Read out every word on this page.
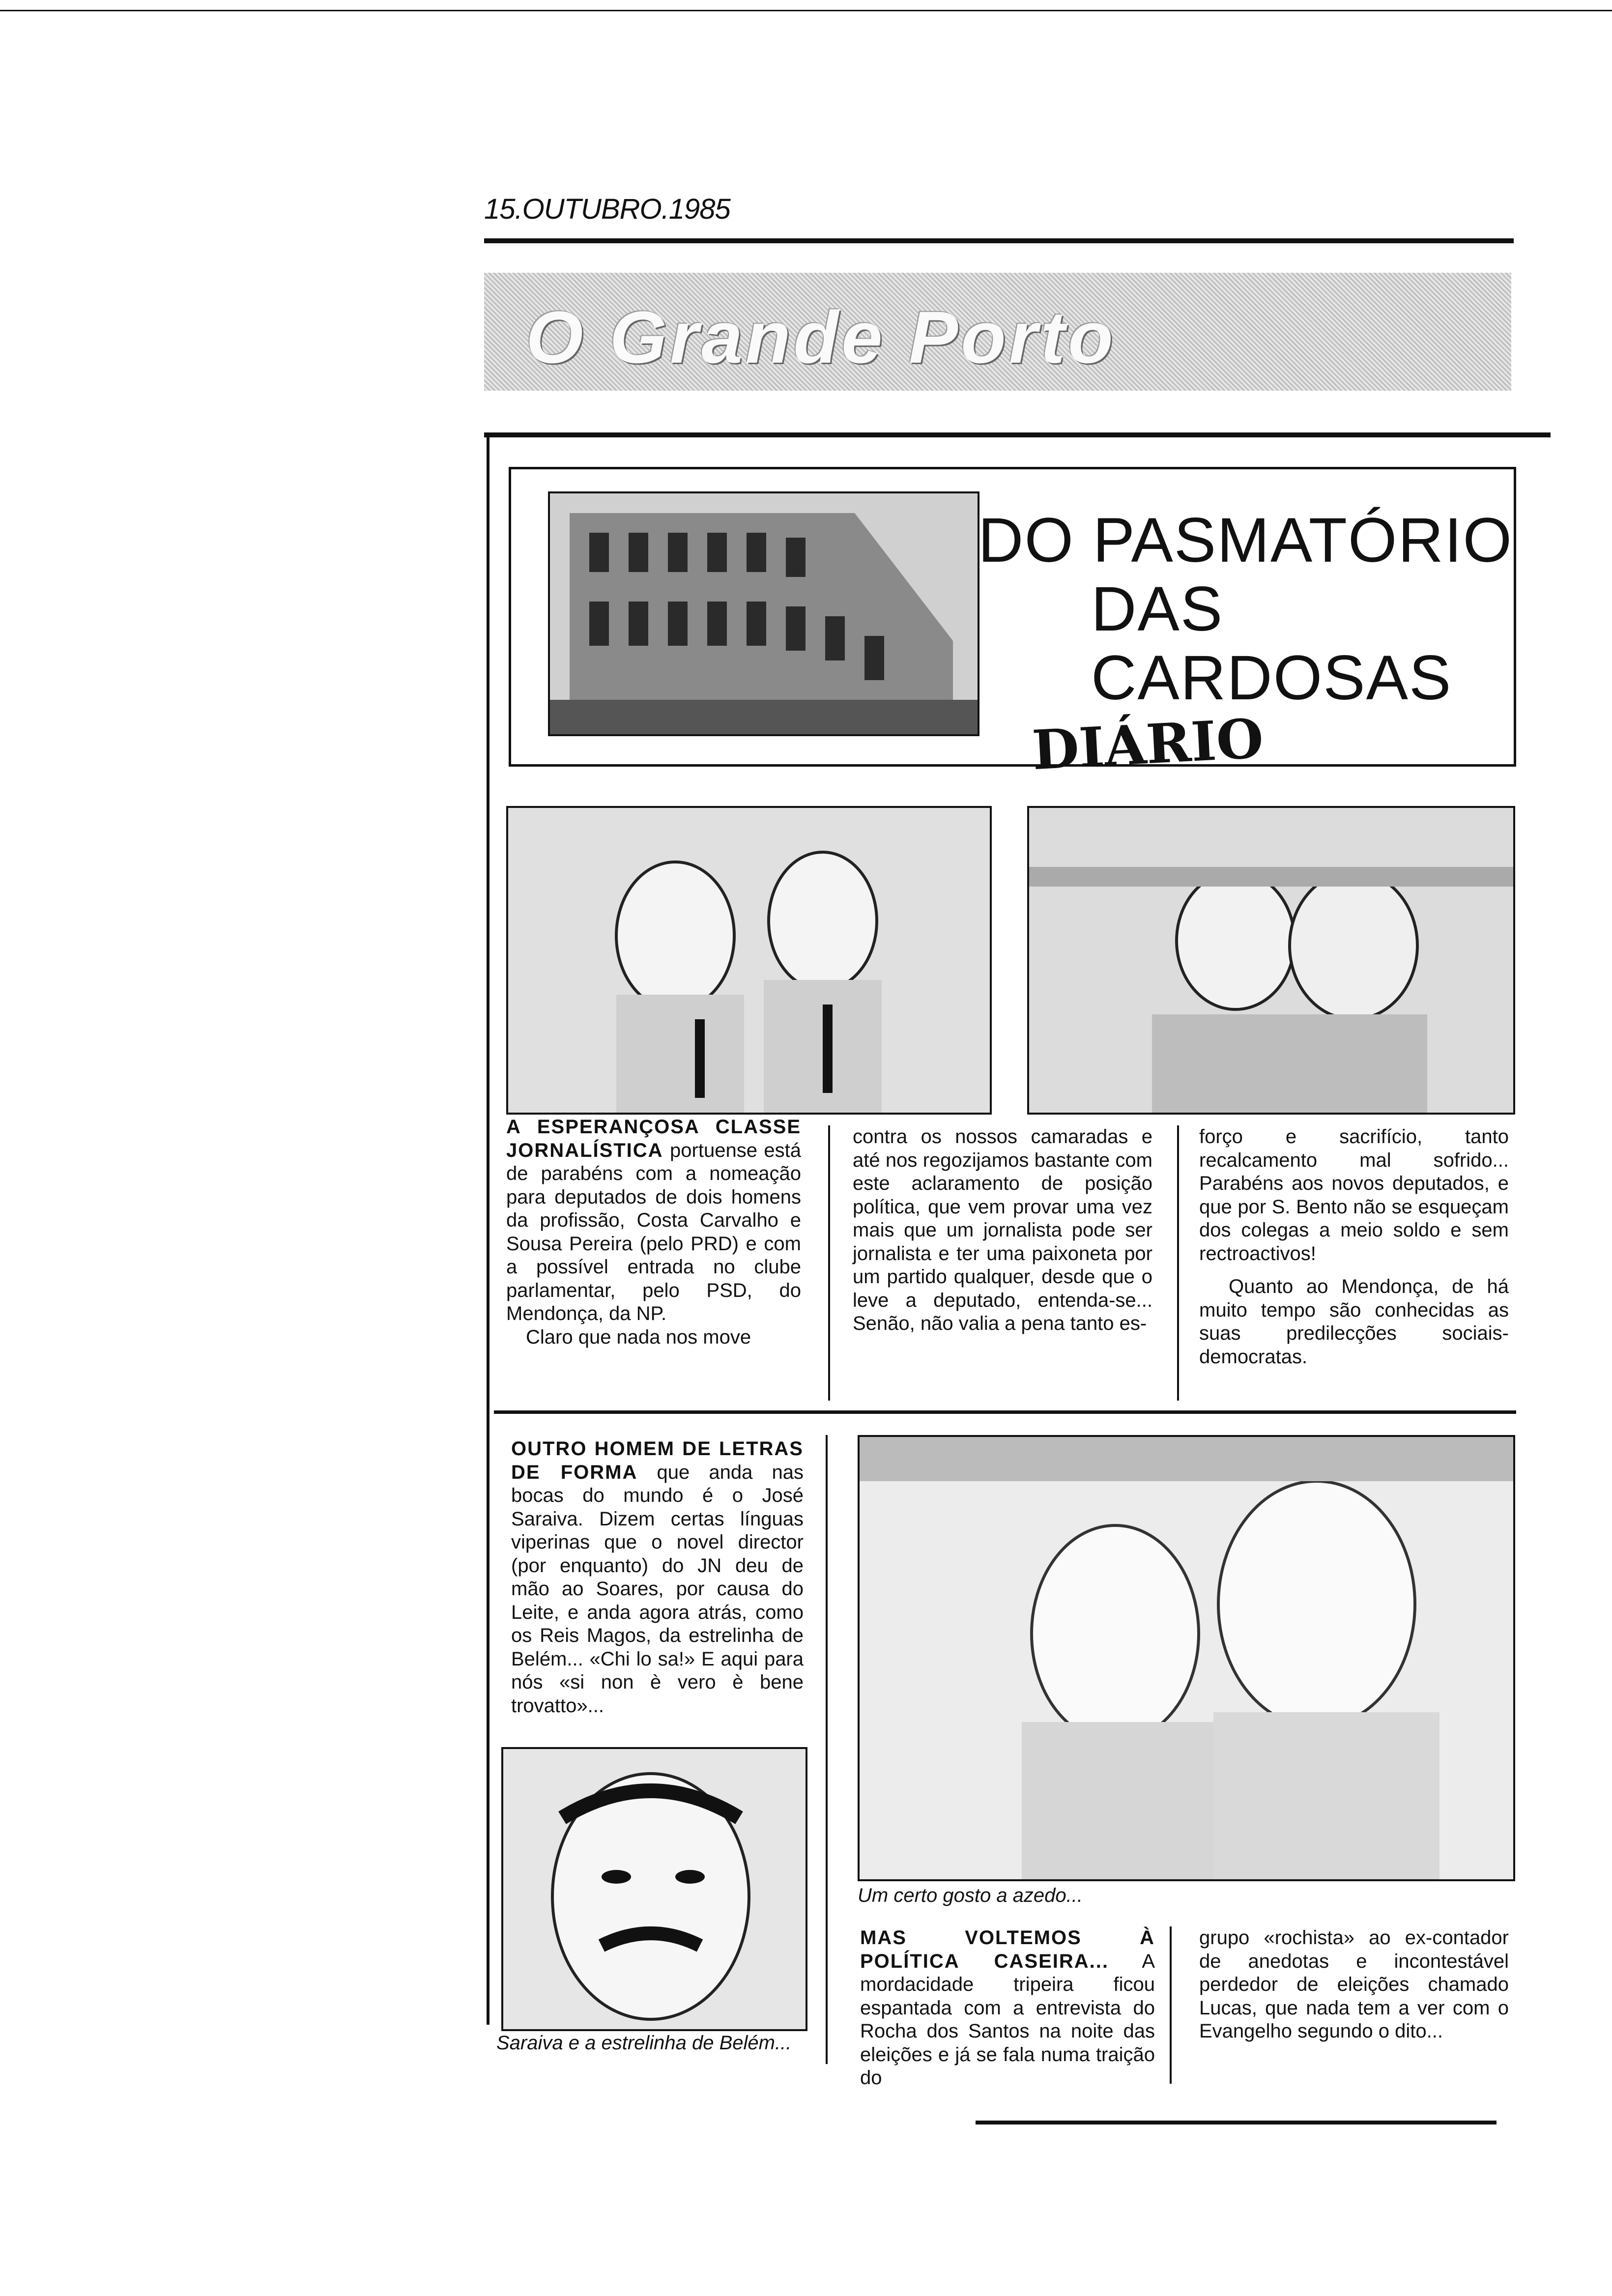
15.OUTUBRO.1985
O Grande Porto
DO PASMATÓRIO
DAS
CARDOSAS
DIÁRIO

A ESPERANÇOSA CLASSE JORNALÍSTICA portuense está de parabéns com a nomeação para deputados de dois homens da profissão, Costa Carvalho e Sousa Pereira (pelo PRD) e com a possível entrada no clube parlamentar, pelo PSD, do Mendonça, da NP.

Claro que nada nos move

contra os nossos camaradas e até nos regozijamos bastante com este aclaramento de posição política, que vem provar uma vez mais que um jornalista pode ser jornalista e ter uma paixoneta por um partido qualquer, desde que o leve a deputado, entenda-se... Senão, não valia a pena tanto es-

forço e sacrifício, tanto recalcamento mal sofrido... Parabéns aos novos deputados, e que por S. Bento não se esqueçam dos colegas a meio soldo e sem rectroactivos!

Quanto ao Mendonça, de há muito tempo são conhecidas as suas predilecções sociais-democratas.

OUTRO HOMEM DE LETRAS DE FORMA que anda nas bocas do mundo é o José Saraiva. Dizem certas línguas viperinas que o novel director (por enquanto) do JN deu de mão ao Soares, por causa do Leite, e anda agora atrás, como os Reis Magos, da estrelinha de Belém... «Chi lo sa!» E aqui para nós «si non è vero è bene trovatto»...

Saraiva e a estrelinha de Belém...
Um certo gosto a azedo...

MAS VOLTEMOS À POLÍTICA CASEIRA... A mordacidade tripeira ficou espantada com a entrevista do Rocha dos Santos na noite das eleições e já se fala numa traição do

grupo «rochista» ao ex-contador de anedotas e incontestável perdedor de eleições chamado Lucas, que nada tem a ver com o Evangelho segundo o dito...
